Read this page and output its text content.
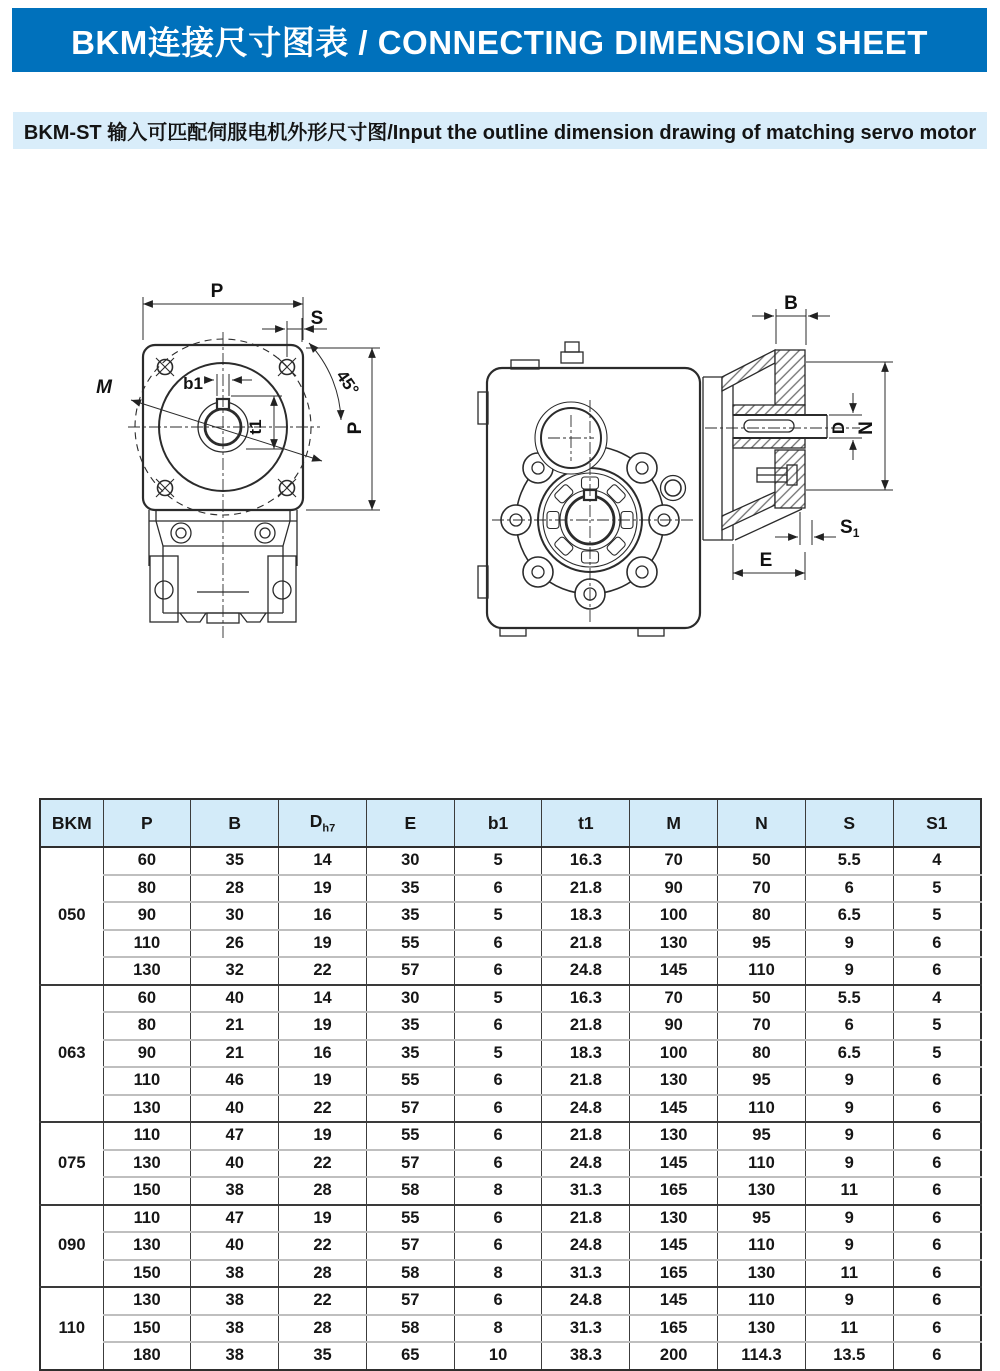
BKM连接尺寸图表 / CONNECTING DIMENSION SHEET
BKM-ST 输入可匹配伺服电机外形尺寸图/Input the outline dimension drawing of matching servo motor
P
S
45°
M	b1
t1	P
B
N
D
$S_1$
E
BKM	P	B	$D_{h7}$	E	b1	t1	M	N	S	S1
050	60	35	14	30	5	16.3	70	50	5.5	4
	80	28	19	35	6	21.8	90	70	6	5
	90	30	16	35	5	18.3	100	80	6.5	5
	110	26	19	55	6	21.8	130	95	9	6
	130	32	22	57	6	24.8	145	110	9	6
063	60	40	14	30	5	16.3	70	50	5.5	4
	80	21	19	35	6	21.8	90	70	6	5
	90	21	16	35	5	18.3	100	80	6.5	5
	110	46	19	55	6	21.8	130	95	9	6
	130	40	22	57	6	24.8	145	110	9	6
075	110	47	19	55	6	21.8	130	95	9	6
	130	40	22	57	6	24.8	145	110	9	6
	150	38	28	58	8	31.3	165	130	11	6
090	110	47	19	55	6	21.8	130	95	9	6
	130	40	22	57	6	24.8	145	110	9	6
	150	38	28	58	8	31.3	165	130	11	6
110	130	38	22	57	6	24.8	145	110	9	6
	150	38	28	58	8	31.3	165	130	11	6
	180	38	35	65	10	38.3	200	114.3	13.5	6
